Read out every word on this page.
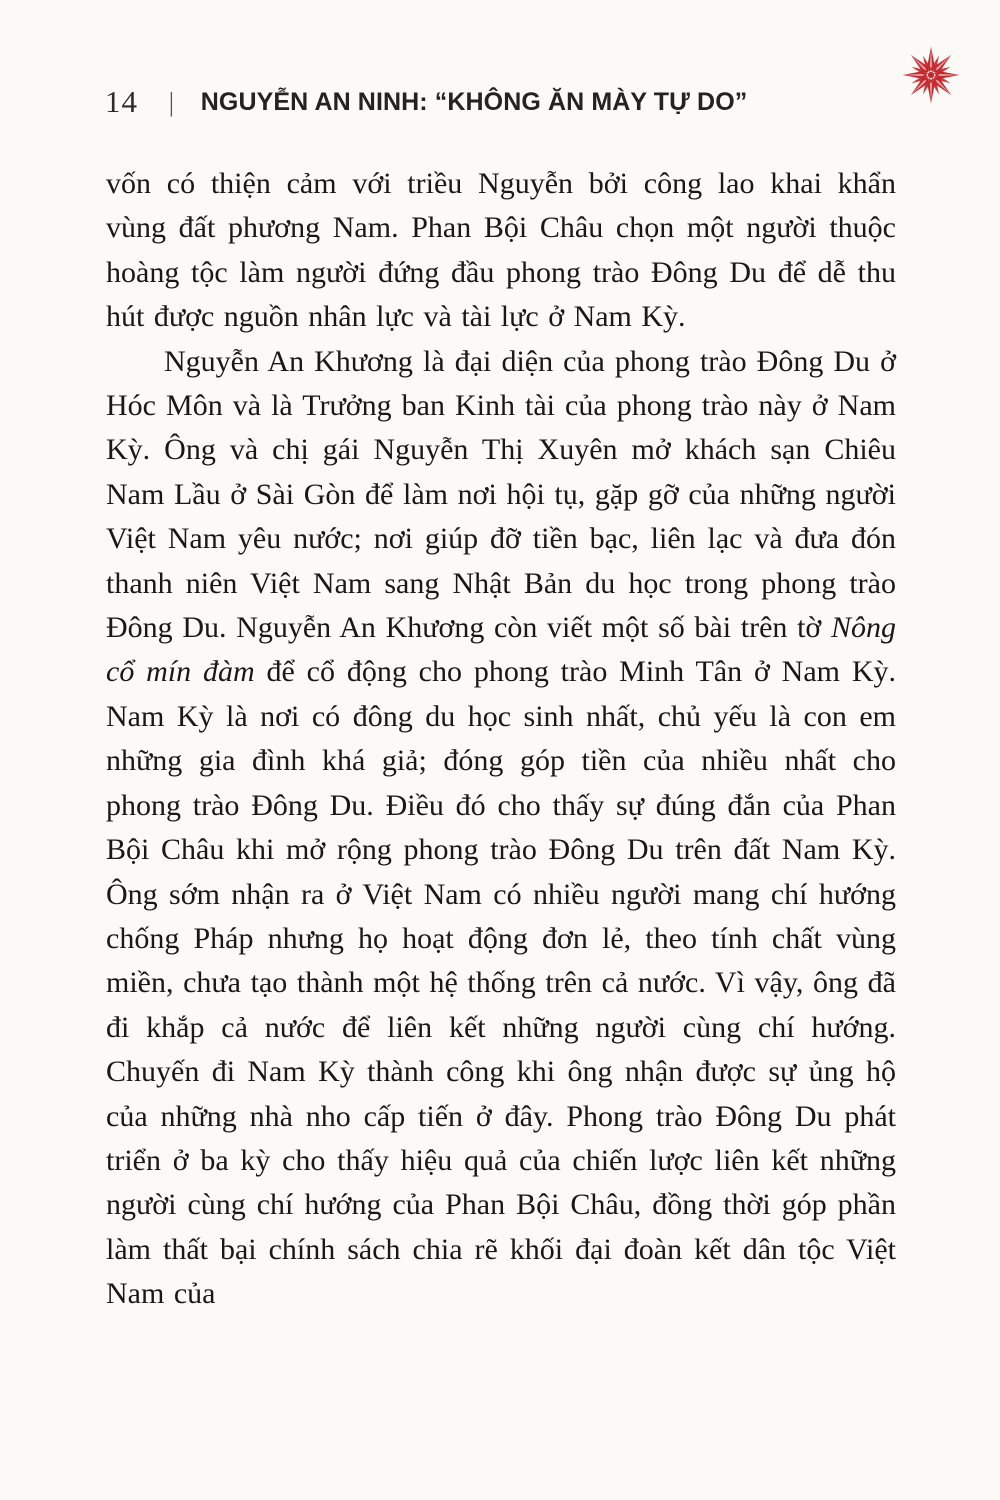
14 | NGUYỄN AN NINH: “KHÔNG ĂN MÀY TỰ DO”

vốn có thiện cảm với triều Nguyễn bởi công lao khai khẩn vùng đất phương Nam. Phan Bội Châu chọn một người thuộc hoàng tộc làm người đứng đầu phong trào Đông Du để dễ thu hút được nguồn nhân lực và tài lực ở Nam Kỳ.

Nguyễn An Khương là đại diện của phong trào Đông Du ở Hóc Môn và là Trưởng ban Kinh tài của phong trào này ở Nam Kỳ. Ông và chị gái Nguyễn Thị Xuyên mở khách sạn Chiêu Nam Lầu ở Sài Gòn để làm nơi hội tụ, gặp gỡ của những người Việt Nam yêu nước; nơi giúp đỡ tiền bạc, liên lạc và đưa đón thanh niên Việt Nam sang Nhật Bản du học trong phong trào Đông Du. Nguyễn An Khương còn viết một số bài trên tờ Nông cổ mín đàm để cổ động cho phong trào Minh Tân ở Nam Kỳ. Nam Kỳ là nơi có đông du học sinh nhất, chủ yếu là con em những gia đình khá giả; đóng góp tiền của nhiều nhất cho phong trào Đông Du. Điều đó cho thấy sự đúng đắn của Phan Bội Châu khi mở rộng phong trào Đông Du trên đất Nam Kỳ. Ông sớm nhận ra ở Việt Nam có nhiều người mang chí hướng chống Pháp nhưng họ hoạt động đơn lẻ, theo tính chất vùng miền, chưa tạo thành một hệ thống trên cả nước. Vì vậy, ông đã đi khắp cả nước để liên kết những người cùng chí hướng. Chuyến đi Nam Kỳ thành công khi ông nhận được sự ủng hộ của những nhà nho cấp tiến ở đây. Phong trào Đông Du phát triển ở ba kỳ cho thấy hiệu quả của chiến lược liên kết những người cùng chí hướng của Phan Bội Châu, đồng thời góp phần làm thất bại chính sách chia rẽ khối đại đoàn kết dân tộc Việt Nam của
